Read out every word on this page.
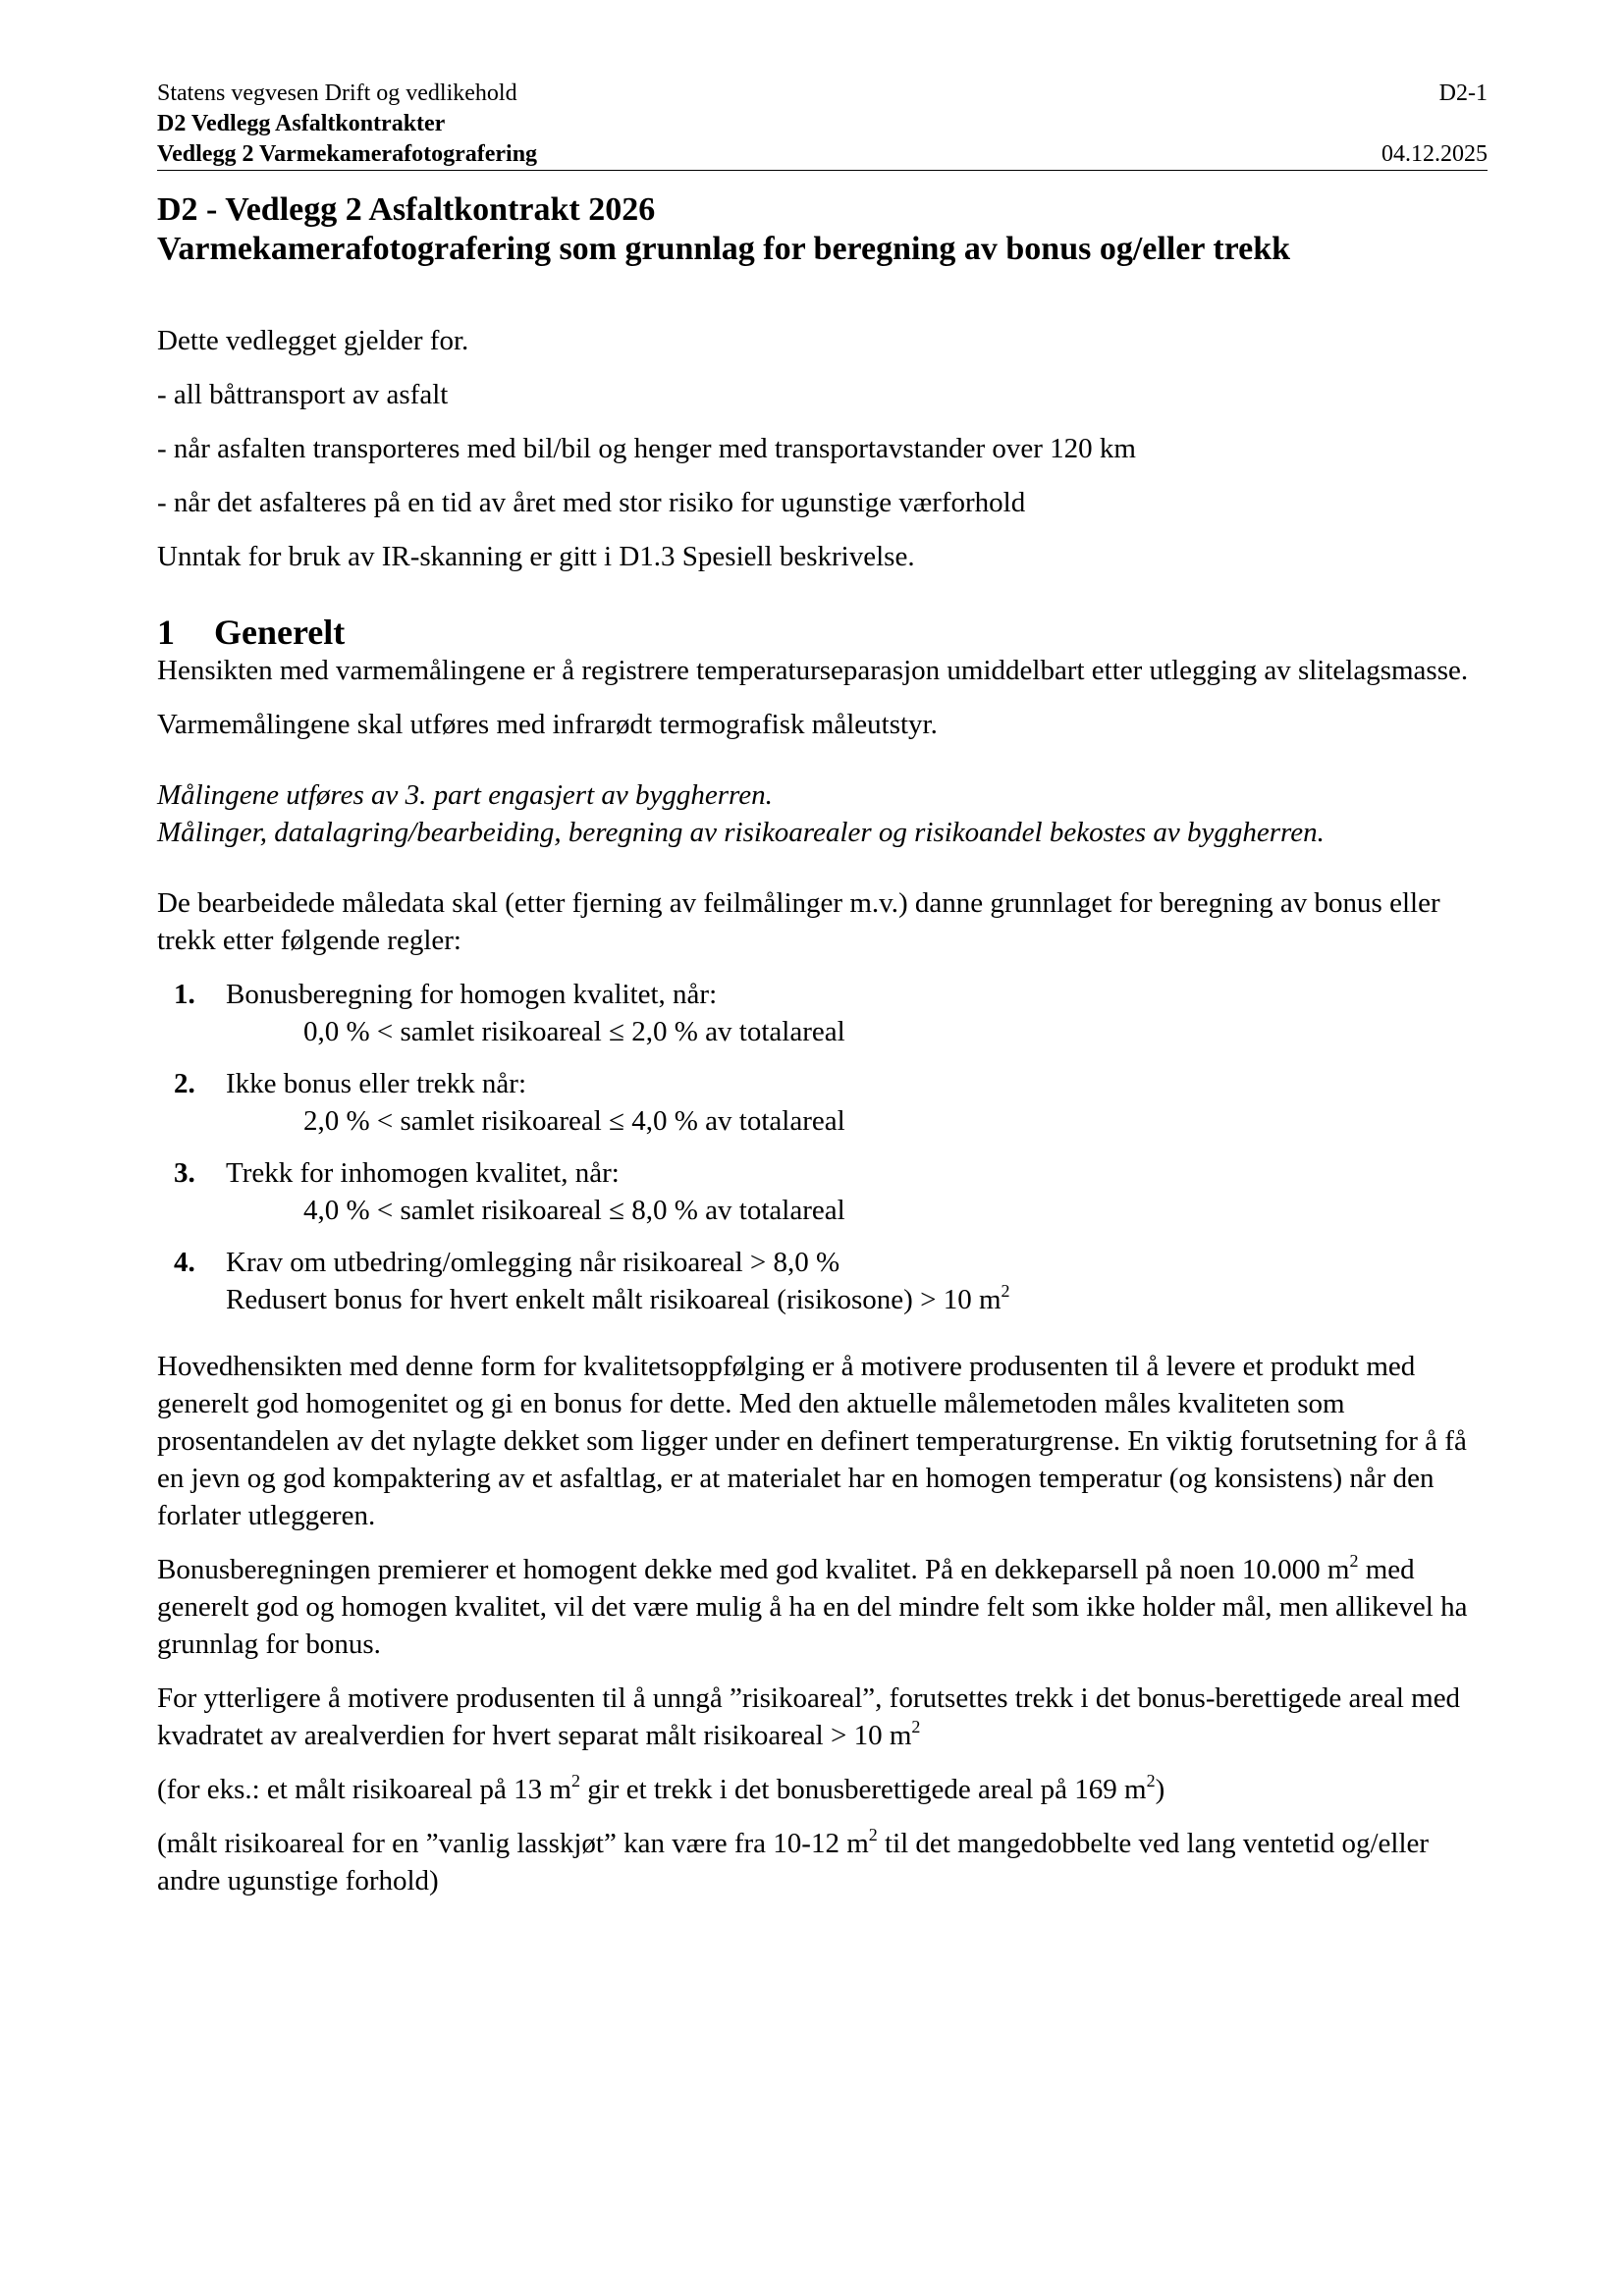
Statens vegvesen Drift og vedlikehold	D2-1
D2 Vedlegg Asfaltkontrakter
Vedlegg 2 Varmekamerafotografering	04.12.2025
D2 - Vedlegg 2 Asfaltkontrakt 2026
Varmekamerafotografering som grunnlag for beregning av bonus og/eller trekk

Dette vedlegget gjelder for.

- all båttransport av asfalt

- når asfalten transporteres med bil/bil og henger med transportavstander over 120 km

- når det asfalteres på en tid av året med stor risiko for ugunstige værforhold

Unntak for bruk av IR-skanning er gitt i D1.3 Spesiell beskrivelse.

1 Generelt

Hensikten med varmemålingene er å registrere temperaturseparasjon umiddelbart etter utlegging av slitelagsmasse.

Varmemålingene skal utføres med infrarødt termografisk måleutstyr.

Målingene utføres av 3. part engasjert av byggherren.

Målinger, datalagring/bearbeiding, beregning av risikoarealer og risikoandel bekostes av byggherren.

De bearbeidede måledata skal (etter fjerning av feilmålinger m.v.) danne grunnlaget for beregning av bonus eller trekk etter følgende regler:

1. Bonusberegning for homogen kvalitet, når:
0,0 % < samlet risikoareal ≤ 2,0 % av totalareal
2. Ikke bonus eller trekk når:
2,0 % < samlet risikoareal ≤ 4,0 % av totalareal
3. Trekk for inhomogen kvalitet, når:
4,0 % < samlet risikoareal ≤ 8,0 % av totalareal
4. Krav om utbedring/omlegging når risikoareal > 8,0 %
Redusert bonus for hvert enkelt målt risikoareal (risikosone) > 10 $m^2$

Hovedhensikten med denne form for kvalitetsoppfølging er å motivere produsenten til å levere et produkt med generelt god homogenitet og gi en bonus for dette. Med den aktuelle målemetoden måles kvaliteten som prosentandelen av det nylagte dekket som ligger under en definert temperaturgrense. En viktig forutsetning for å få en jevn og god kompaktering av et asfaltlag, er at materialet har en homogen temperatur (og konsistens) når den forlater utleggeren.

Bonusberegningen premierer et homogent dekke med god kvalitet. På en dekkeparsell på noen 10.000 $m^2$ med generelt god og homogen kvalitet, vil det være mulig å ha en del mindre felt som ikke holder mål, men allikevel ha grunnlag for bonus.

For ytterligere å motivere produsenten til å unngå ”risikoareal”, forutsettes trekk i det bonus-berettigede areal med kvadratet av arealverdien for hvert separat målt risikoareal > 10 $m^2$

(for eks.: et målt risikoareal på 13 $m^2$ gir et trekk i det bonusberettigede areal på 169 $m^2$)

(målt risikoareal for en ”vanlig lasskjøt” kan være fra 10-12 $m^2$ til det mangedobbelte ved lang ventetid og/eller andre ugunstige forhold)
